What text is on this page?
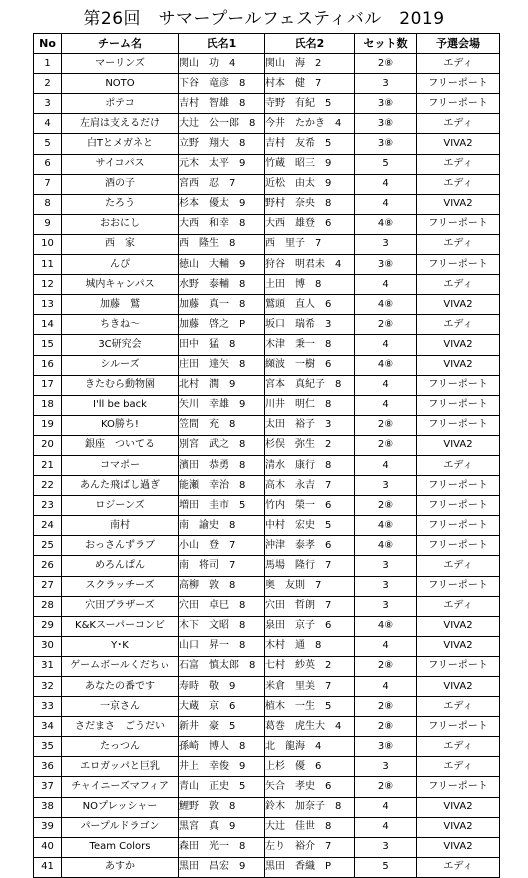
第26回　サマープールフェスティバル　2019
No	チーム名	氏名1	氏名2	セット数	予選会場
1	マーリンズ	関山　功　4	関山　海　2	2⑧	エディ
2	NOTO	下谷　竜彦　8	村本　健　7	3	フリーポート
3	ポテコ	吉村　智雄　8	寺野　有紀　5	3⑧	フリーポート
4	左肩は支えるだけ	大辻　公一郎　8	今井　たかき　4	3⑧	エディ
5	白Tとメガネと	立野　翔大　8	吉村　友希　5	3⑧	VIVA2
6	サイコパス	元木　太平　9	竹蔵　昭三　9	5	エディ
7	酒の子	宮西　忍　7	近松　由太　9	4	エディ
8	たろう	杉本　優太　9	野村　奈央　8	4	VIVA2
9	おおにし	大西　和幸　8	大西　雄登　6	4⑧	フリーポート
10	西　家	西　隆生　8	西　里子　7	3	エディ
11	んぴ	徳山　大輔　9	狩谷　明君未　4	3⑧	フリーポート
12	城内キャンパス	水野　泰輔　8	土田　博　8	4	エディ
13	加藤　鷲	加藤　真一　8	鷲頭　直人　6	4⑧	VIVA2
14	ちきね～	加藤　啓之　P	坂口　瑞希　3	2⑧	エディ
15	3C研究会	田中　猛　8	木津　秉一　8	4	VIVA2
16	シルーズ	庄田　達矢　8	纐波　一樹　6	4⑧	VIVA2
17	きたむら動物園	北村　潤　9	宮本　真紀子　8	4	フリーポート
18	I'll be back	矢川　幸雄　9	川井　明仁　8	4	フリーポート
19	KO勝ち!	笠間　充　8	太田　裕子　3	2⑧	フリーポート
20	銀座　ついてる	別宮　武之　8	杉俣　弥生　2	2⑧	VIVA2
21	コマポー	濱田　恭勇　8	清水　康行　8	4	エディ
22	あんた飛ばし過ぎ	能瀬　幸治　8	高木　永吉　7	3	フリーポート
23	ロジーンズ	増田　圭市　5	竹内　榮一　6	2⑧	フリーポート
24	南村	南　諭史　8	中村　宏史　5	4⑧	フリーポート
25	おっさんずラブ	小山　登　7	沖津　泰孝　6	4⑧	フリーポート
26	めろんぱん	南　将司　7	馬場　隆行　7	3	エディ
27	スクラッチーズ	高柳　敦　8	奥　友則　7	3	フリーポート
28	穴田ブラザーズ	穴田　卓巳　8	穴田　哲朗　7	3	エディ
29	K&Kスーパーコンビ	木下　文昭　8	泉田　京子　6	4⑧	VIVA2
30	Y･K	山口　昇一　8	木村　通　8	4	VIVA2
31	ゲームボールくだちぃ	石富　慎太郎　8	七村　紗英　2	2⑧	フリーポート
32	あなたの番です	寿時　敬　9	米倉　里美　7	4	VIVA2
33	一京さん	大蔵　京　6	植木　一生　5	2⑧	エディ
34	さだまさ　ごうだい	新井　豪　5	葛巻　虎生大　4	2⑧	フリーポート
35	たっつん	孫崎　博人　8	北　龍海　4	3⑧	エディ
36	エロガッパと巨乳	井上　幸俊　9	上杉　優　6	3	エディ
37	チャイニーズマフィア	青山　正史　5	矢合　孝史　6	2⑧	フリーポート
38	NOプレッシャー	鯉野　敦　8	鈴木　加奈子　8	4	VIVA2
39	パープルドラゴン	黒宮　真　9	大辻　佳世　8	4	VIVA2
40	Team Colors	森田　光一　8	左り　裕介　7	3	VIVA2
41	あすか	黒田　昌宏　9	黒田　香織　P	5	エディ
